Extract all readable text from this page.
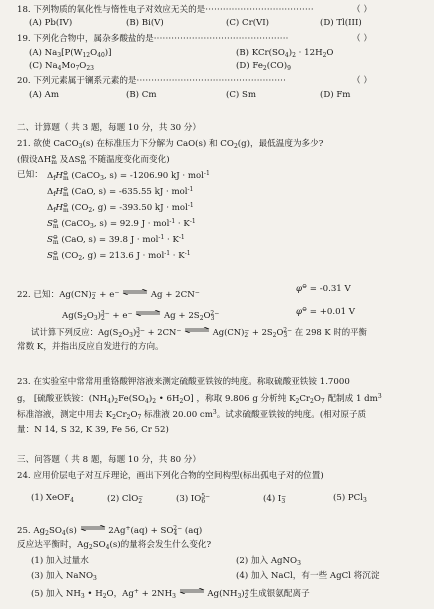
18. 下列物质的氧化性与惰性电子对效应无关的是·····································	（ ）
(A) Pb(IV)	(B) Bi(V)	(C) Cr(VI)	(D) Tl(III)
19. 下列化合物中，属杂多酸盐的是··············································	（ ）
(A) $Na_3[P(W_{12}O_{40})]$	(B) $KCr(SO_4)_2 \cdot 12H_2O$
(C) $Na_4Mo_7O_{23}$	(D) $Fe_2(CO)_9$
20. 下列元素属于镧系元素的是···················································	（ ）
(A) Am	(B) Cm	(C) Sm	(D) Fm
二、计算题（ 共 3 题，每题 10 分，共 30 分）
21. 欲使 CaCO$_3$(s) 在标准压力下分解为 CaO(s) 和 $CO_2(g)$，最低温度为多少?
(假设$\Delta H^⊖_m$ 及$\Delta S^⊖_m$ 不随温度变化而变化)
已知： $\Delta_fH^⊖_m$ (CaCO$_3$, s) = -1206.90 kJ · mol$^{-1}$
$\Delta_fH^⊖_m$ (CaO, s) = -635.55 kJ · mol$^{-1}$
$\Delta_fH^⊖_m$ ($CO_2$, g) = -393.50 kJ · mol$^{-1}$
$S^⊖_m$ (CaCO$_3$, s) = 92.9 $J \cdot mol^{-1} \cdot K^{-1}$
$S^⊖_m$ (CaO, s) = 39.8 $J \cdot mol^{-1} \cdot K^{-1}$
$S^⊖_m$ ($CO_2$, g) = 213.6 $J \cdot mol^{-1} \cdot K^{-1}$
22. 已知：$Ag(CN)_2^- + e^-$ ⇌ Ag + 2CN−	φ⊖ = -0.31 V
$Ag(S_2O_3)_2^{3-} + e^-$ ⇌ $Ag + 2S_2O_3^{2-}$	φ⊖ = +0.01 V
试计算下列反应：$Ag(S_2O_3)_2^{3-} + 2CN^-$ ⇌ $Ag(CN)_2^- + 2S_2O_3^{2-}$ 在 298 K 时的平衡
常数 K，并指出反应自发进行的方向。
23. 在实验室中常常用重铬酸钾溶液来测定硫酸亚铁铵的纯度。称取硫酸亚铁铵 1.7000
g， [硫酸亚铁铵：$(NH_4)_2Fe(SO_4)_2$ • $6H_2O$] ，称取 9.806 g 分析纯 $K_2Cr_2O_7$ 配制成 1 $dm^3$
标准溶液，测定中用去 $K_2Cr_2O_7$ 标准液 20.00 $cm^3$。试求硫酸亚铁铵的纯度。(相对原子质
量：N 14, S 32, K 39, Fe 56, Cr 52)
三、问答题（ 共 8 题，每题 10 分，共 80 分）
24. 应用价层电子对互斥理论，画出下列化合物的空间构型(标出孤电子对的位置)
(1) XeOF$_4$	(2) ClO$_2$−	(3) $IO_6^{5-}$	(4) $I_3^-$	(5) PCl$_3$
25. $Ag_2SO_4(s)$ ⇌ $2Ag^+(aq) + SO_4^{2-}$ (aq)
反应达平衡时，$Ag_2SO_4(s)$的量将会发生什么变化?
(1) 加入过量水	(2) 加入 AgNO$_3$
(3) 加入 NaNO$_3$	(4) 加入 NaCl，有一些 AgCl 将沉淀
(5) 加入 $NH_3$ • $H_2O$，$Ag^+ + 2NH_3$ ⇌ $Ag(NH_3)_2^+$生成银氨配离子
